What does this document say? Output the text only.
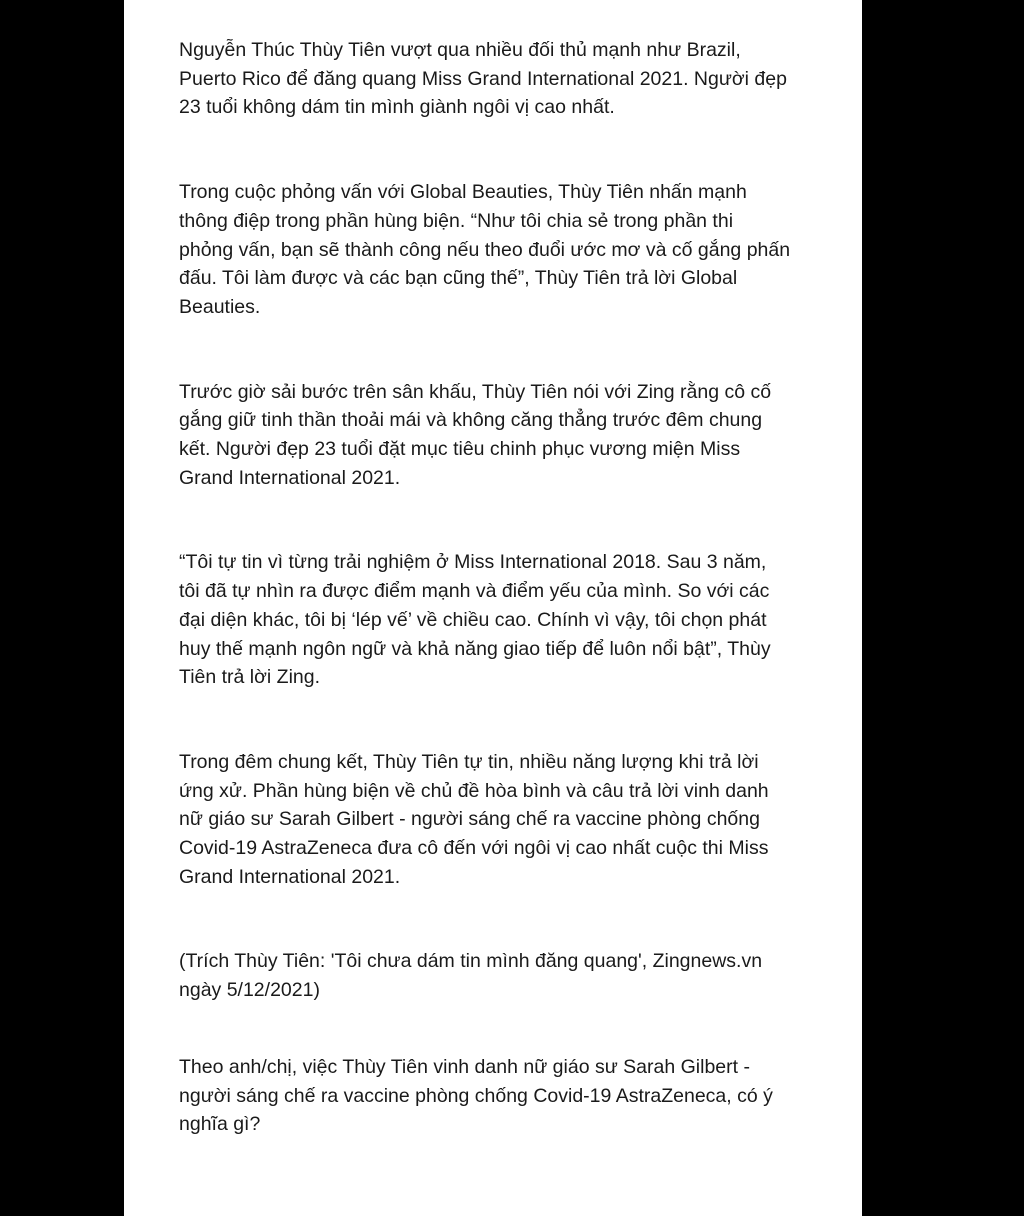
Nguyễn Thúc Thùy Tiên vượt qua nhiều đối thủ mạnh như Brazil,
Puerto Rico để đăng quang Miss Grand International 2021. Người đẹp
23 tuổi không dám tin mình giành ngôi vị cao nhất.

Trong cuộc phỏng vấn với Global Beauties, Thùy Tiên nhấn mạnh
thông điệp trong phần hùng biện. “Như tôi chia sẻ trong phần thi
phỏng vấn, bạn sẽ thành công nếu theo đuổi ước mơ và cố gắng phấn
đấu. Tôi làm được và các bạn cũng thế”, Thùy Tiên trả lời Global
Beauties.

Trước giờ sải bước trên sân khấu, Thùy Tiên nói với Zing rằng cô cố
gắng giữ tinh thần thoải mái và không căng thẳng trước đêm chung
kết. Người đẹp 23 tuổi đặt mục tiêu chinh phục vương miện Miss
Grand International 2021.

“Tôi tự tin vì từng trải nghiệm ở Miss International 2018. Sau 3 năm,
tôi đã tự nhìn ra được điểm mạnh và điểm yếu của mình. So với các
đại diện khác, tôi bị ‘lép vế’ về chiều cao. Chính vì vậy, tôi chọn phát
huy thế mạnh ngôn ngữ và khả năng giao tiếp để luôn nổi bật”, Thùy
Tiên trả lời Zing.

Trong đêm chung kết, Thùy Tiên tự tin, nhiều năng lượng khi trả lời
ứng xử. Phần hùng biện về chủ đề hòa bình và câu trả lời vinh danh
nữ giáo sư Sarah Gilbert - người sáng chế ra vaccine phòng chống
Covid-19 AstraZeneca đưa cô đến với ngôi vị cao nhất cuộc thi Miss
Grand International 2021.

(Trích Thùy Tiên: 'Tôi chưa dám tin mình đăng quang', Zingnews.vn
ngày 5/12/2021)

Theo anh/chị, việc Thùy Tiên vinh danh nữ giáo sư Sarah Gilbert -
người sáng chế ra vaccine phòng chống Covid-19 AstraZeneca, có ý
nghĩa gì?
